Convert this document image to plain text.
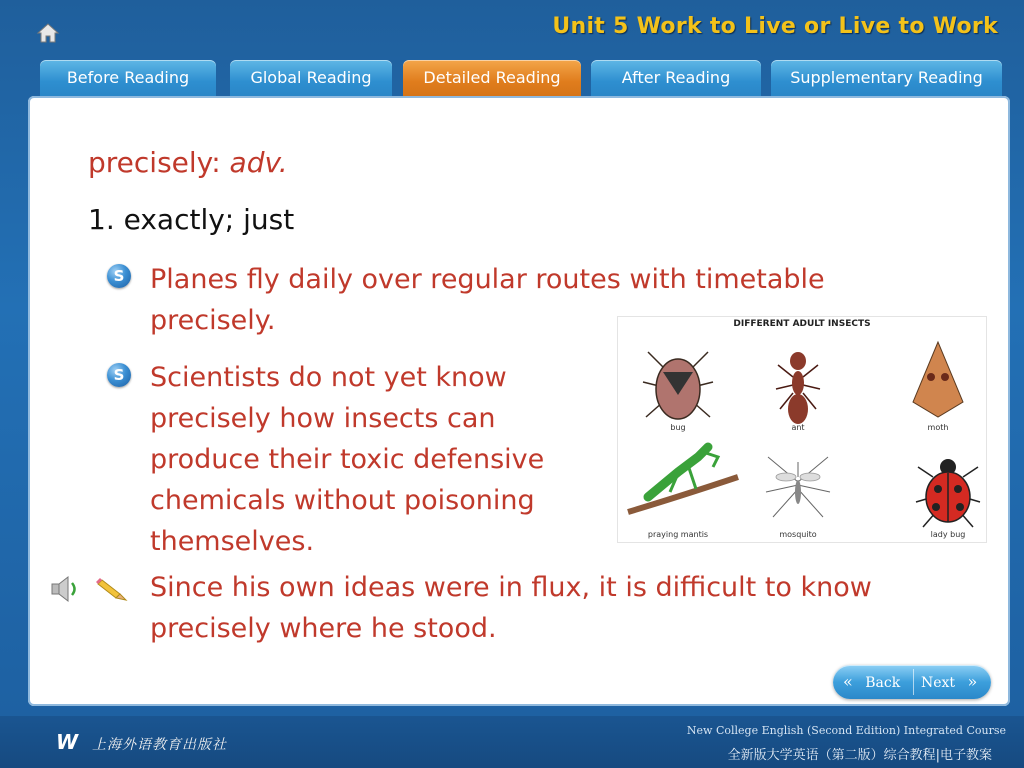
Unit 5 Work to Live or Live to Work
Before Reading	Global Reading	Detailed Reading	After Reading	Supplementary Reading
precisely: adv.
1. exactly; just
S Planes fly daily over regular routes with timetable precisely.
S Scientists do not yet know precisely how insects can produce their toxic defensive chemicals without poisoning themselves.
DIFFERENT ADULT INSECTS
bug	ant	moth
praying mantis	mosquito	lady bug
Since his own ideas were in flux, it is difficult to know precisely where he stood.
« Back	Next »
W 上海外语教育出版社
New College English (Second Edition) Integrated Course
全新版大学英语（第二版）综合教程|电子教案
